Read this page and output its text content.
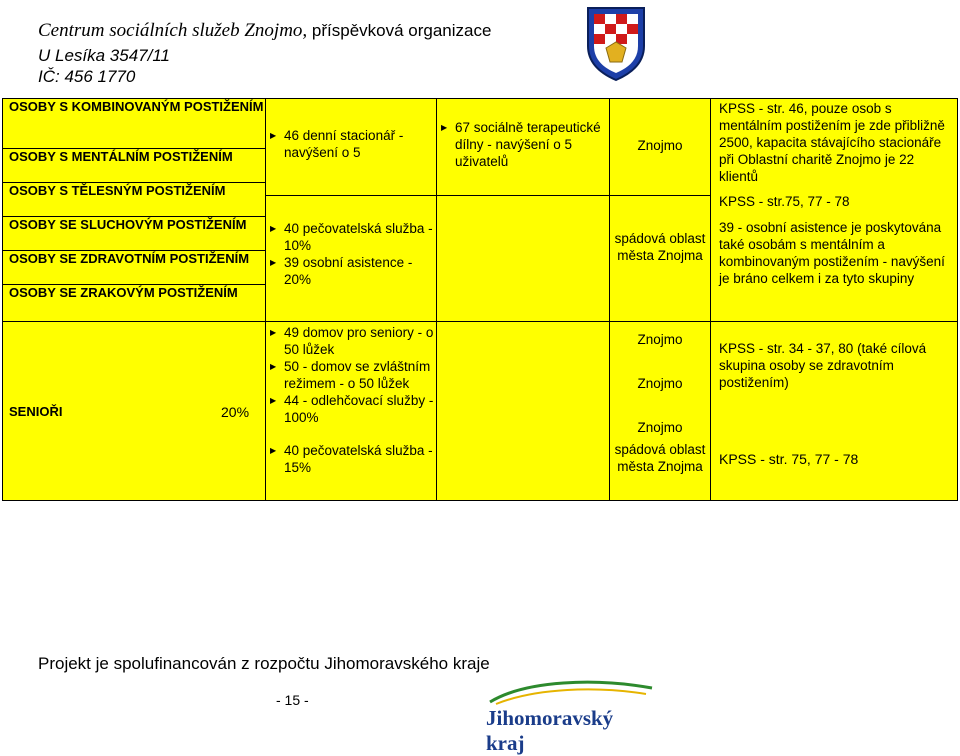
Centrum sociálních služeb Znojmo, příspěvková organizace
U Lesíka 3547/11
IČ: 456 1770
OSOBY S KOMBINOVANÝM POSTIŽENÍM
OSOBY S MENTÁLNÍM POSTIŽENÍM
OSOBY S TĚLESNÝM POSTIŽENÍM
OSOBY SE SLUCHOVÝM POSTIŽENÍM
OSOBY SE ZDRAVOTNÍM POSTIŽENÍM
OSOBY SE ZRAKOVÝM POSTIŽENÍM
SENIOŘI	20%
▶ 46 denní stacionář - navýšení o 5
▶ 40 pečovatelská služba - 10%
▶ 39 osobní asistence - 20%
▶ 49 domov pro seniory - o 50 lůžek
▶ 50 - domov se zvláštním režimem - o 50 lůžek
▶ 44 - odlehčovací služby - 100%
▶ 40 pečovatelská služba - 15%
▶ 67 sociálně terapeutické dílny - navýšení o 5 uživatelů
Znojmo
spádová oblast města Znojma
Znojmo
Znojmo
Znojmo
spádová oblast města Znojma
KPSS - str. 46, pouze osob s mentálním postižením je zde přibližně 2500, kapacita stávajícího stacionáře při Oblastní charitě Znojmo je 22 klientů
KPSS - str.75, 77 - 78
39 - osobní asistence je poskytována také osobám s mentálním a kombinovaným postižením - navýšení je bráno celkem i za tyto skupiny
KPSS - str. 34 - 37, 80 (také cílová skupina osoby se zdravotním postižením)
KPSS - str. 75, 77 - 78
Projekt je spolufinancován z rozpočtu Jihomoravského kraje
- 15 -
Jihomoravský kraj
